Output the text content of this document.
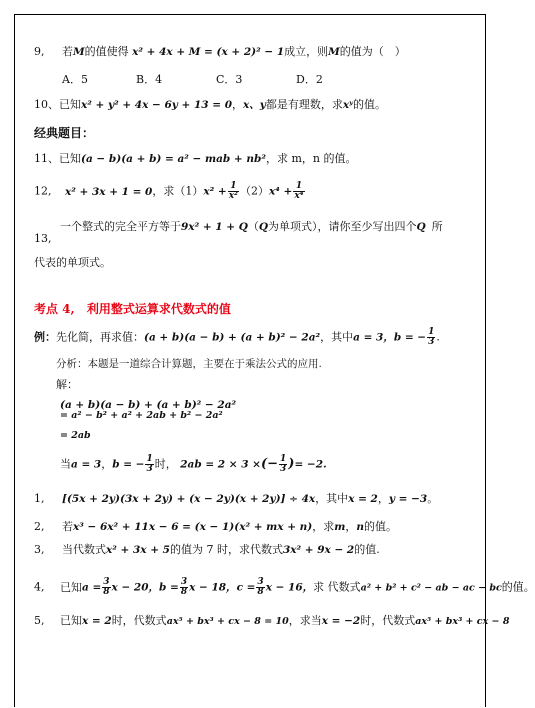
9, 若M的值使得 x² + 4x + M = (x + 2)² − 1成立，则M的值为（　）
A．5	B．4	C．3	D．2
10、已知x² + y² + 4x − 6y + 13 = 0，x、y都是有理数，求xʸ的值。
经典题目：
11、已知(a − b)(a + b) = a² − mab + nb²，求 m，n 的值。
12, x² + 3x + 1 = 0，求$(1)x^2 + \frac{1}{\text{x²}} (2)x^4 + \frac{1}{\text{x⁴}}$
一个整式的完全平方等于9x² + 1 + Q（Q为单项式），请你至少写出四个Q 所
13,
代表的单项式。
考点 4, 利用整式运算求代数式的值
例：先化简，再求值：(a + b)(a − b) + (a + b)² − 2a²，其中a = 3，b = − $\frac{1}{3}$ .
分析：本题是一道综合计算题，主要在于乘法公式的应用.
解：
(a + b)(a − b) + (a + b)² − 2a²
= a² − b² + a² + 2ab + b² − 2a²
= 2ab
当a = 3，b = − $\frac{1}{3}$ 时， 2ab = 2 × 3 ×(− $\frac{1}{3}$ )= −2.
1, [(5x + 2y)(3x + 2y) + (x − 2y)(x + 2y)] ÷ 4x，其中x = 2，y = −3。
2, 若x³ − 6x² + 11x − 6 = (x − 1)(x² + mx + n)，求m，n的值。
3, 当代数式x² + 3x + 5的值为 7 时，求代数式3x² + 9x − 2的值.
4, 已知$a = \frac{3}{8}$ x − 20，$b = \frac{3}{8}$ x − 18，$c = \frac{3}{8}$ x − 16，求 代数式a² + b² + c² − ab − ac − bc的值。
5, 已知x = 2时，代数式ax⁵ + bx³ + cx − 8 = 10，求当x = −2时，代数式ax⁵ + bx³ + cx − 8
